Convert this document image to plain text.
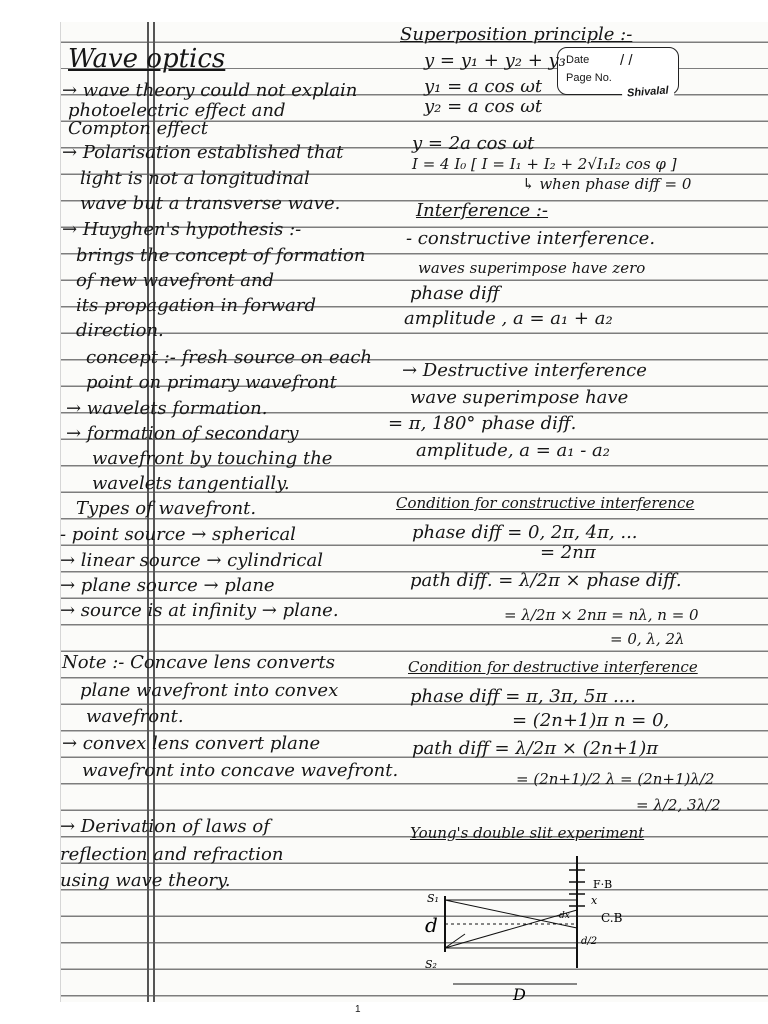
Date / /
Page No.
Shivalal
Wave optics
→ wave theory could not explain
photoelectric effect and
Compton effect
→ Polarisation established that
light is not a longitudinal
wave but a transverse wave.
→ Huyghen's hypothesis :-
brings the concept of formation
of new wavefront and
its propagation in forward
direction.
concept :- fresh source on each
point on primary wavefront
→ wavelets formation.
→ formation of secondary
wavefront by touching the
wavelets tangentially.
Types of wavefront.
- point source → spherical
→ linear source → cylindrical
→ plane source → plane
→ source is at infinity → plane.
Note :- Concave lens converts
plane wavefront into convex
wavefront.
→ convex lens convert plane
wavefront into concave wavefront.
→ Derivation of laws of
reflection and refraction
using wave theory.
Superposition principle :-
y = y₁ + y₂ + y₃
y₁ = a cos ωt
y₂ = a cos ωt
y = 2a cos ωt
I = 4 I₀ [ I = I₁ + I₂ + 2√I₁I₂ cos φ ]
↳ when phase diff = 0
Interference :-
- constructive interference.
waves superimpose have zero
phase diff
amplitude , a = a₁ + a₂
→ Destructive interference
wave superimpose have
= π, 180° phase diff.
amplitude, a = a₁ - a₂
Condition for constructive interference
phase diff = 0, 2π, 4π, ...
= 2nπ
path diff. = λ/2π × phase diff.
= λ/2π × 2nπ = nλ, n = 0
= 0, λ, 2λ
Condition for destructive interference
phase diff = π, 3π, 5π ....
= (2n+1)π n = 0,
path diff = λ/2π × (2n+1)π
= (2n+1)/2 λ = (2n+1)λ/2
= λ/2, 3λ/2
Young's double slit experiment
S₁
S₂
d
D
F·B
C.B
x
dx
d/2
1
